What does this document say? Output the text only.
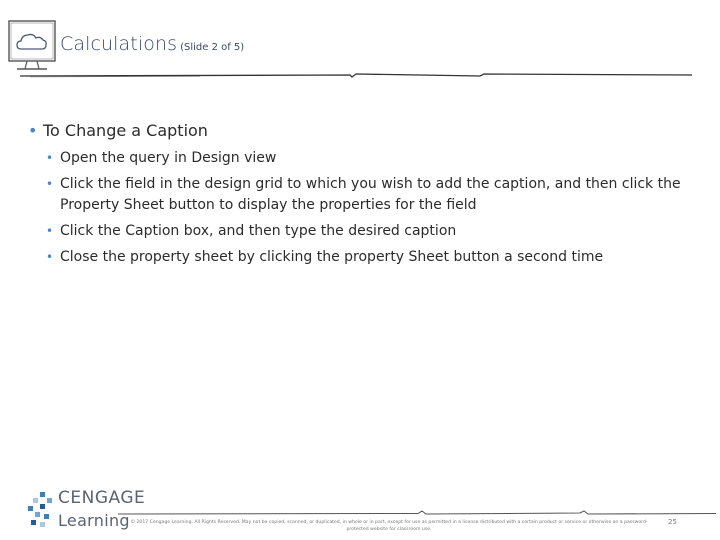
Calculations (Slide 2 of 5)
• To Change a Caption
• Open the query in Design view
• Click the field in the design grid to which you wish to add the caption, and then click the Property Sheet button to display the properties for the field
• Click the Caption box, and then type the desired caption
• Close the property sheet by clicking the property Sheet button a second time
CENGAGE
Learning © 2017 Cengage Learning. All Rights Reserved. May not be copied, scanned, or duplicated, in whole or in part, except for use as permitted in a license distributed with a certain product or service or otherwise on a password-protected website for classroom use.
25
